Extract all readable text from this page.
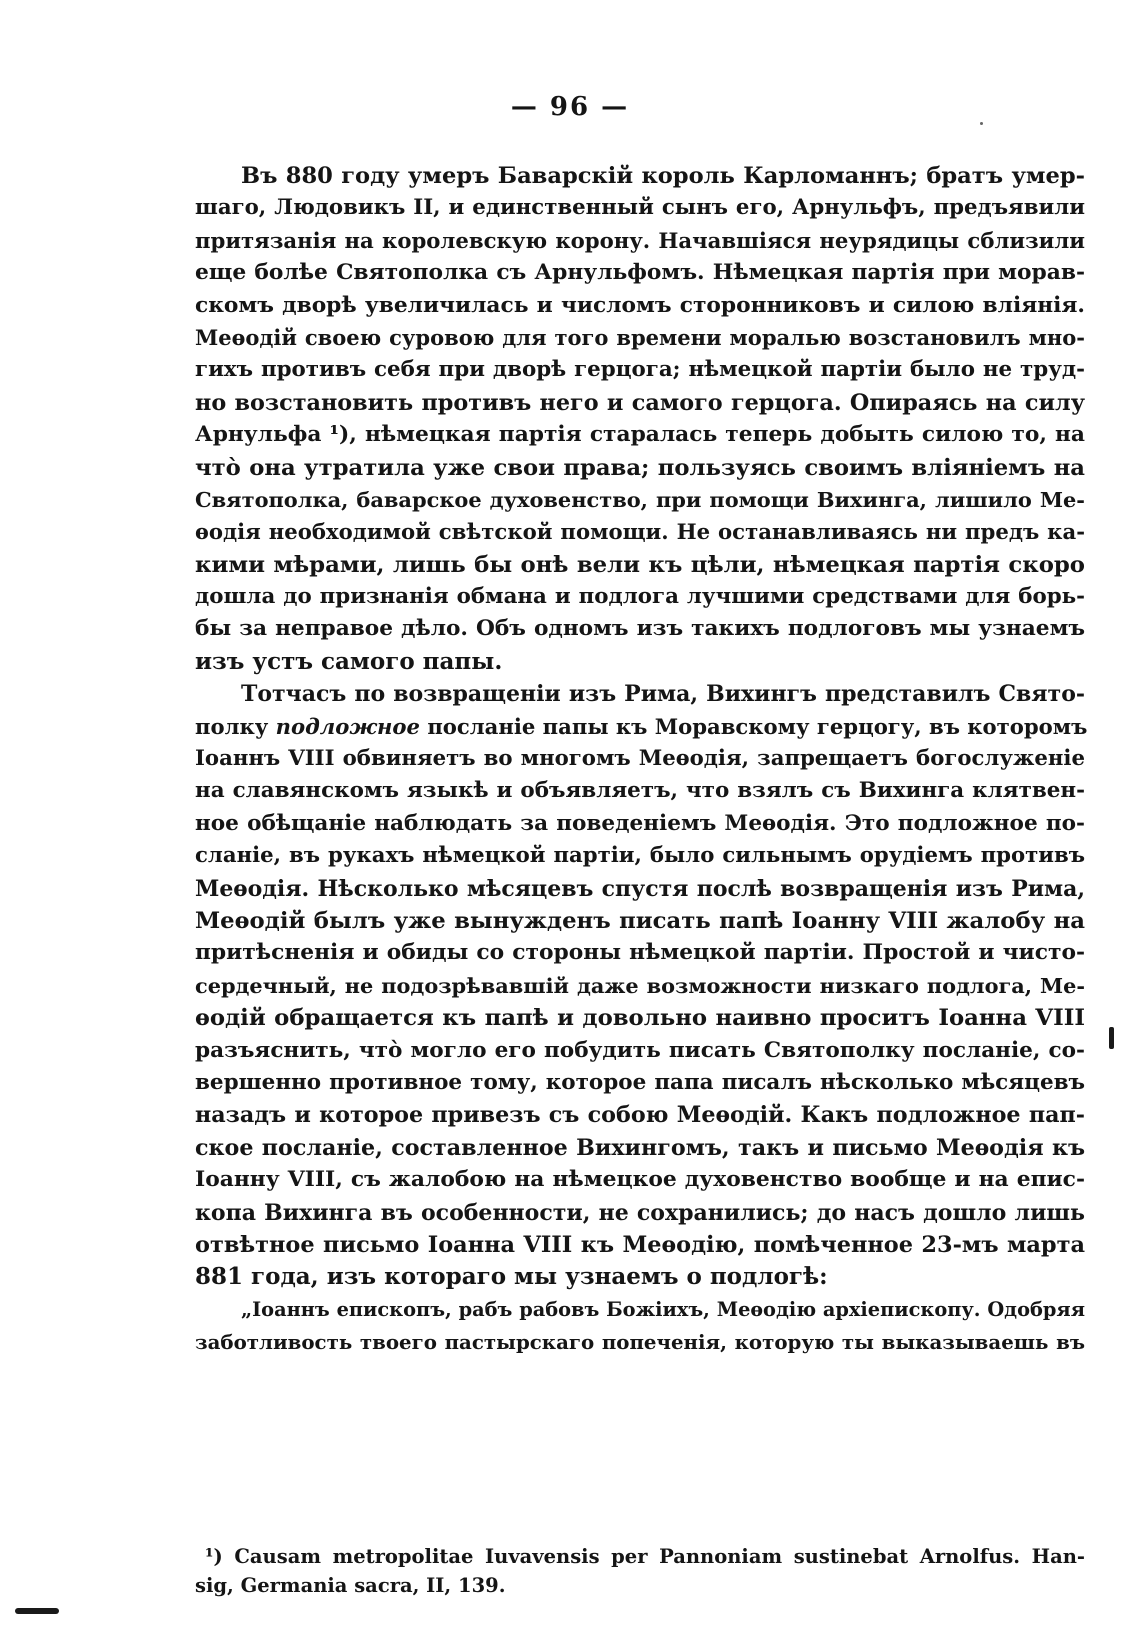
— 96 —
Въ 880 году умеръ Баварскій король Карломаннъ; братъ умер-
шаго, Людовикъ II, и единственный сынъ его, Арнульфъ, предъявили
притязанія на королевскую корону. Начавшіяся неурядицы сблизили
еще болѣе Святополка съ Арнульфомъ. Нѣмецкая партія при морав-
скомъ дворѣ увеличилась и числомъ сторонниковъ и силою вліянія.
Меѳодій своею суровою для того времени моралью возстановилъ мно-
гихъ противъ себя при дворѣ герцога; нѣмецкой партіи было не труд-
но возстановить противъ него и самого герцога. Опираясь на силу
Арнульфа ¹), нѣмецкая партія старалась теперь добыть силою то, на
чтò она утратила уже свои права; пользуясь своимъ вліяніемъ на
Святополка, баварское духовенство, при помощи Вихинга, лишило Ме-
ѳодія необходимой свѣтской помощи. Не останавливаясь ни предъ ка-
кими мѣрами, лишь бы онѣ вели къ цѣли, нѣмецкая партія скоро
дошла до признанія обмана и подлога лучшими средствами для борь-
бы за неправое дѣло. Объ одномъ изъ такихъ подлоговъ мы узнаемъ
изъ устъ самого папы.
Тотчасъ по возвращеніи изъ Рима, Вихингъ представилъ Свято-
полку подложное посланіе папы къ Моравскому герцогу, въ которомъ
Іоаннъ VIII обвиняетъ во многомъ Меѳодія, запрещаетъ богослуженіе
на славянскомъ языкѣ и объявляетъ, что взялъ съ Вихинга клятвен-
ное обѣщаніе наблюдать за поведеніемъ Меѳодія. Это подложное по-
сланіе, въ рукахъ нѣмецкой партіи, было сильнымъ орудіемъ противъ
Меѳодія. Нѣсколько мѣсяцевъ спустя послѣ возвращенія изъ Рима,
Меѳодій былъ уже вынужденъ писать папѣ Іоанну VIII жалобу на
притѣсненія и обиды со стороны нѣмецкой партіи. Простой и чисто-
сердечный, не подозрѣвавшій даже возможности низкаго подлога, Ме-
ѳодій обращается къ папѣ и довольно наивно проситъ Іоанна VIII
разъяснить, чтò могло его побудить писать Святополку посланіе, со-
вершенно противное тому, которое папа писалъ нѣсколько мѣсяцевъ
назадъ и которое привезъ съ собою Меѳодій. Какъ подложное пап-
ское посланіе, составленное Вихингомъ, такъ и письмо Меѳодія къ
Іоанну VIII, съ жалобою на нѣмецкое духовенство вообще и на епис-
копа Вихинга въ особенности, не сохранились; до насъ дошло лишь
отвѣтное письмо Іоанна VIII къ Меѳодію, помѣченное 23-мъ марта
881 года, изъ котораго мы узнаемъ о подлогѣ:
„Іоаннъ епископъ, рабъ рабовъ Божіихъ, Меѳодію архіепископу. Одобряя
заботливость твоего пастырскаго попеченія, которую ты выказываешь въ
¹) Causam metropolitae Iuvavensis per Pannoniam sustinebat Arnolfus. Han-
sig, Germania sacra, II, 139.
